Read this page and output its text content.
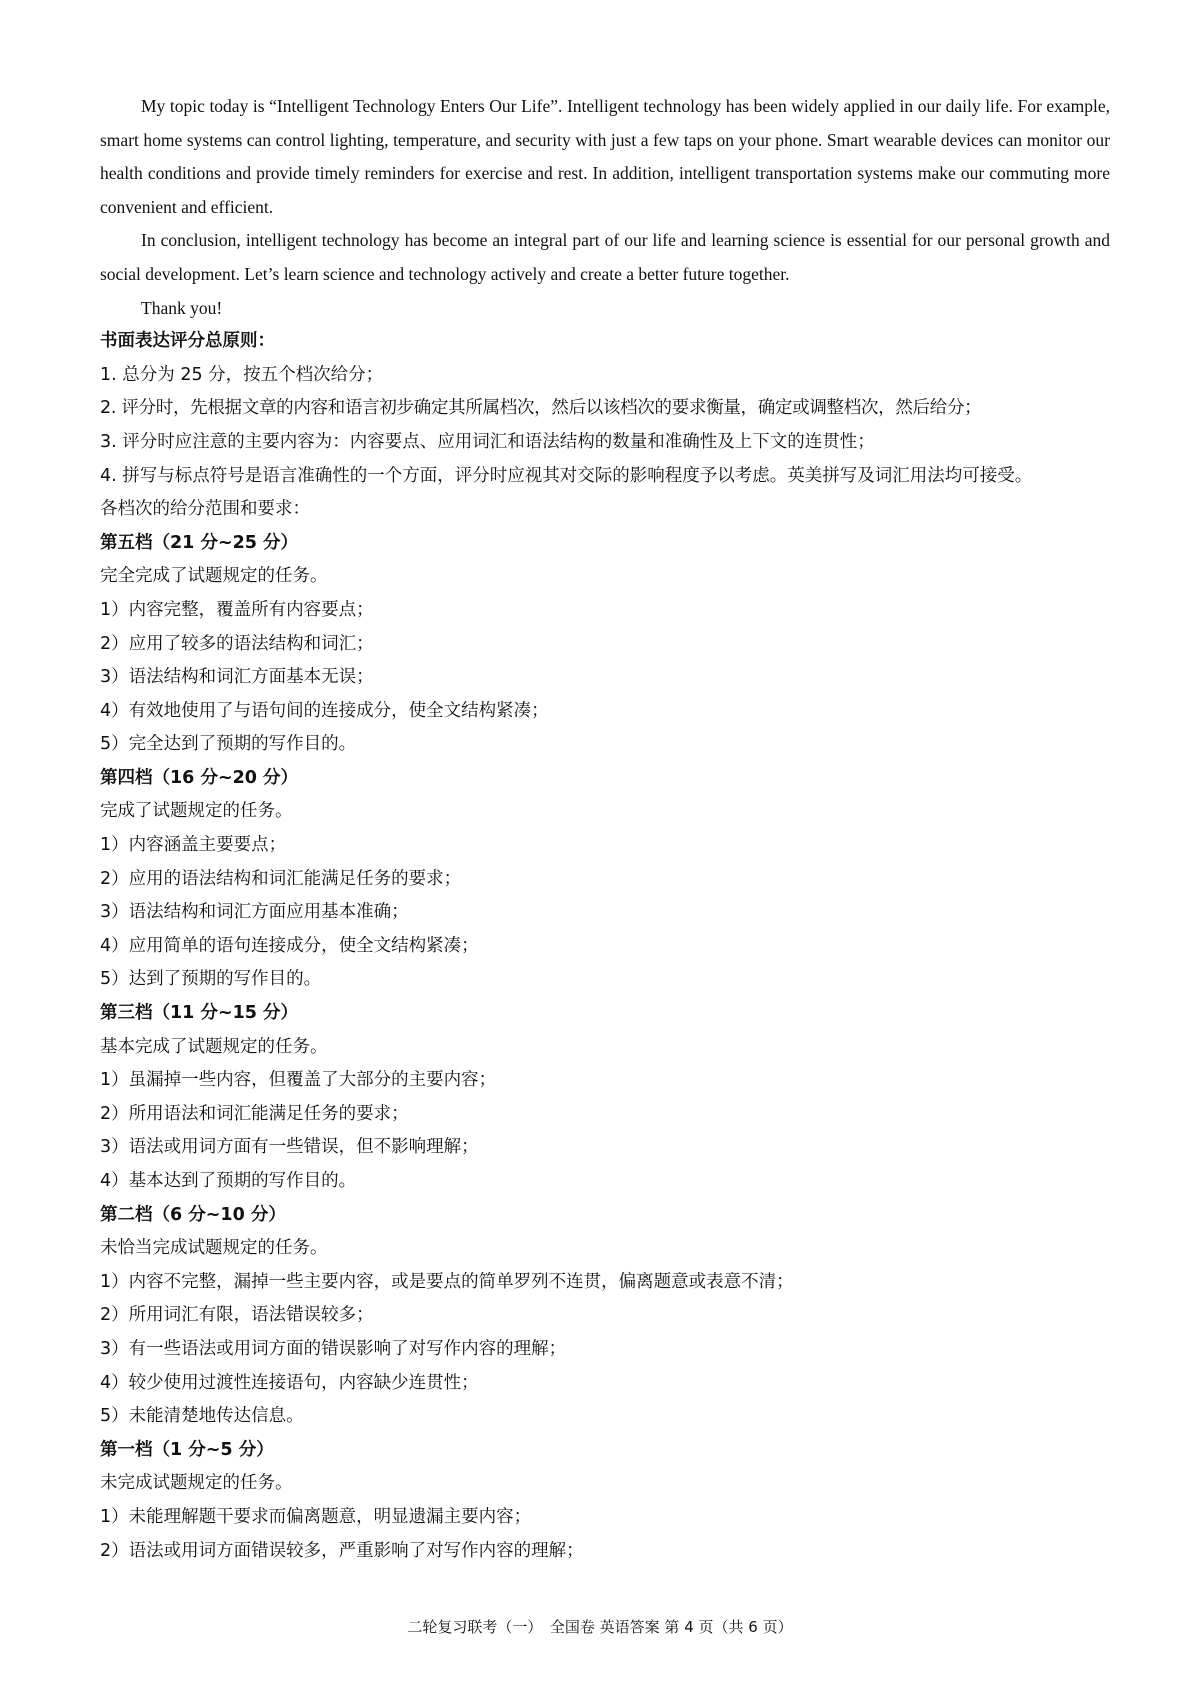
My topic today is “Intelligent Technology Enters Our Life”. Intelligent technology has been widely applied in our daily life. For example, smart home systems can control lighting, temperature, and security with just a few taps on your phone. Smart wearable devices can monitor our health conditions and provide timely reminders for exercise and rest. In addition, intelligent transportation systems make our commuting more convenient and efficient.

In conclusion, intelligent technology has become an integral part of our life and learning science is essential for our personal growth and social development. Let’s learn science and technology actively and create a better future together.

Thank you!

书面表达评分总原则：
1. 总分为 25 分，按五个档次给分；
2. 评分时，先根据文章的内容和语言初步确定其所属档次，然后以该档次的要求衡量，确定或调整档次，然后给分；
3. 评分时应注意的主要内容为：内容要点、应用词汇和语法结构的数量和准确性及上下文的连贯性；
4. 拼写与标点符号是语言准确性的一个方面，评分时应视其对交际的影响程度予以考虑。英美拼写及词汇用法均可接受。
各档次的给分范围和要求：
第五档（21 分~25 分）
完全完成了试题规定的任务。
1）内容完整，覆盖所有内容要点；
2）应用了较多的语法结构和词汇；
3）语法结构和词汇方面基本无误；
4）有效地使用了与语句间的连接成分，使全文结构紧凑；
5）完全达到了预期的写作目的。
第四档（16 分~20 分）
完成了试题规定的任务。
1）内容涵盖主要要点；
2）应用的语法结构和词汇能满足任务的要求；
3）语法结构和词汇方面应用基本准确；
4）应用简单的语句连接成分，使全文结构紧凑；
5）达到了预期的写作目的。
第三档（11 分~15 分）
基本完成了试题规定的任务。
1）虽漏掉一些内容，但覆盖了大部分的主要内容；
2）所用语法和词汇能满足任务的要求；
3）语法或用词方面有一些错误，但不影响理解；
4）基本达到了预期的写作目的。
第二档（6 分~10 分）
未恰当完成试题规定的任务。
1）内容不完整，漏掉一些主要内容，或是要点的简单罗列不连贯，偏离题意或表意不清；
2）所用词汇有限，语法错误较多；
3）有一些语法或用词方面的错误影响了对写作内容的理解；
4）较少使用过渡性连接语句，内容缺少连贯性；
5）未能清楚地传达信息。
第一档（1 分~5 分）
未完成试题规定的任务。
1）未能理解题干要求而偏离题意，明显遗漏主要内容；
2）语法或用词方面错误较多，严重影响了对写作内容的理解；
二轮复习联考（一）　全国卷 英语答案 第 4 页（共 6 页）
